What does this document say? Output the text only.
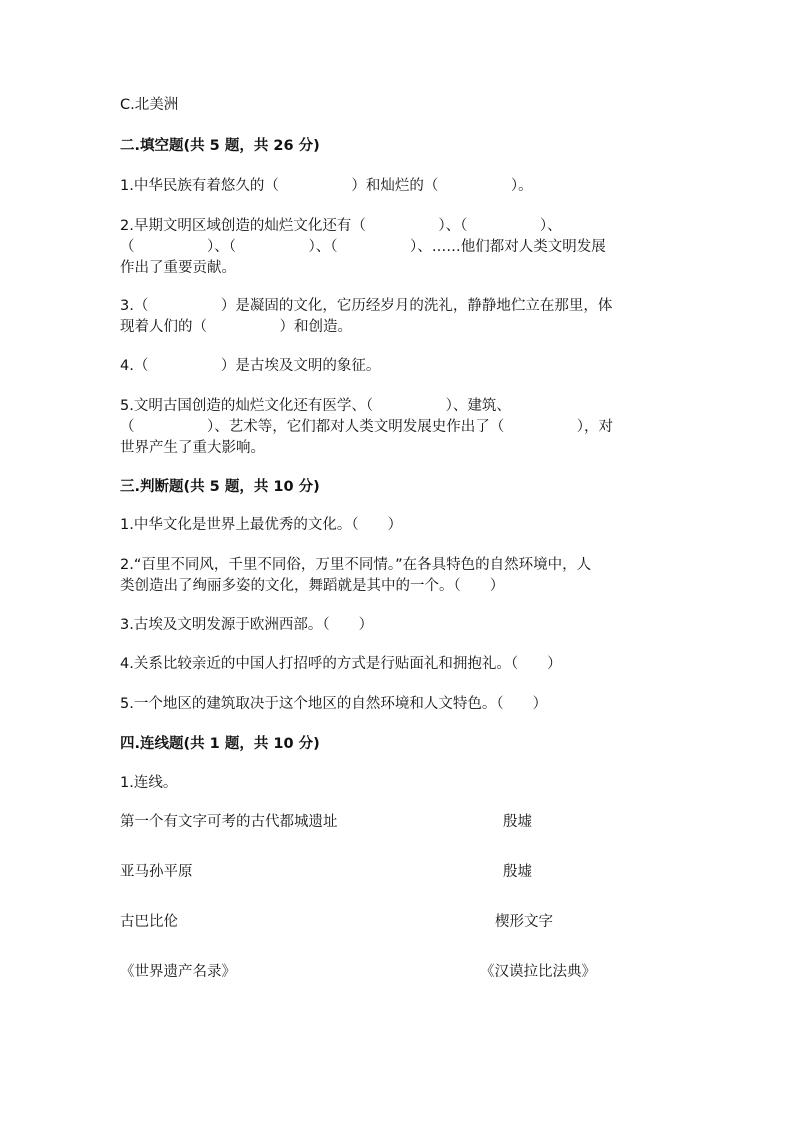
C.北美洲
二.填空题(共 5 题，共 26 分)
1.中华民族有着悠久的（　　　　　）和灿烂的（　　　　　）。
2.早期文明区域创造的灿烂文化还有（　　　　　）、（　　　　　）、
（　　　　　）、（　　　　　）、（　　　　　）、……他们都对人类文明发展
作出了重要贡献。
3.（　　　　　）是凝固的文化，它历经岁月的洗礼，静静地伫立在那里，体
现着人们的（　　　　　）和创造。
4.（　　　　　）是古埃及文明的象征。
5.文明古国创造的灿烂文化还有医学、（　　　　　）、建筑、
（　　　　　）、艺术等，它们都对人类文明发展史作出了（　　　　　），对
世界产生了重大影响。
三.判断题(共 5 题，共 10 分)
1.中华文化是世界上最优秀的文化。（　　）
2.“百里不同风，千里不同俗，万里不同情。”在各具特色的自然环境中，人
类创造出了绚丽多姿的文化，舞蹈就是其中的一个。（　　）
3.古埃及文明发源于欧洲西部。（　　）
4.关系比较亲近的中国人打招呼的方式是行贴面礼和拥抱礼。（　　）
5.一个地区的建筑取决于这个地区的自然环境和人文特色。（　　）
四.连线题(共 1 题，共 10 分)
1.连线。
第一个有文字可考的古代都城遗址	殷墟
亚马孙平原	殷墟
古巴比伦	楔形文字
《世界遗产名录》	《汉谟拉比法典》
